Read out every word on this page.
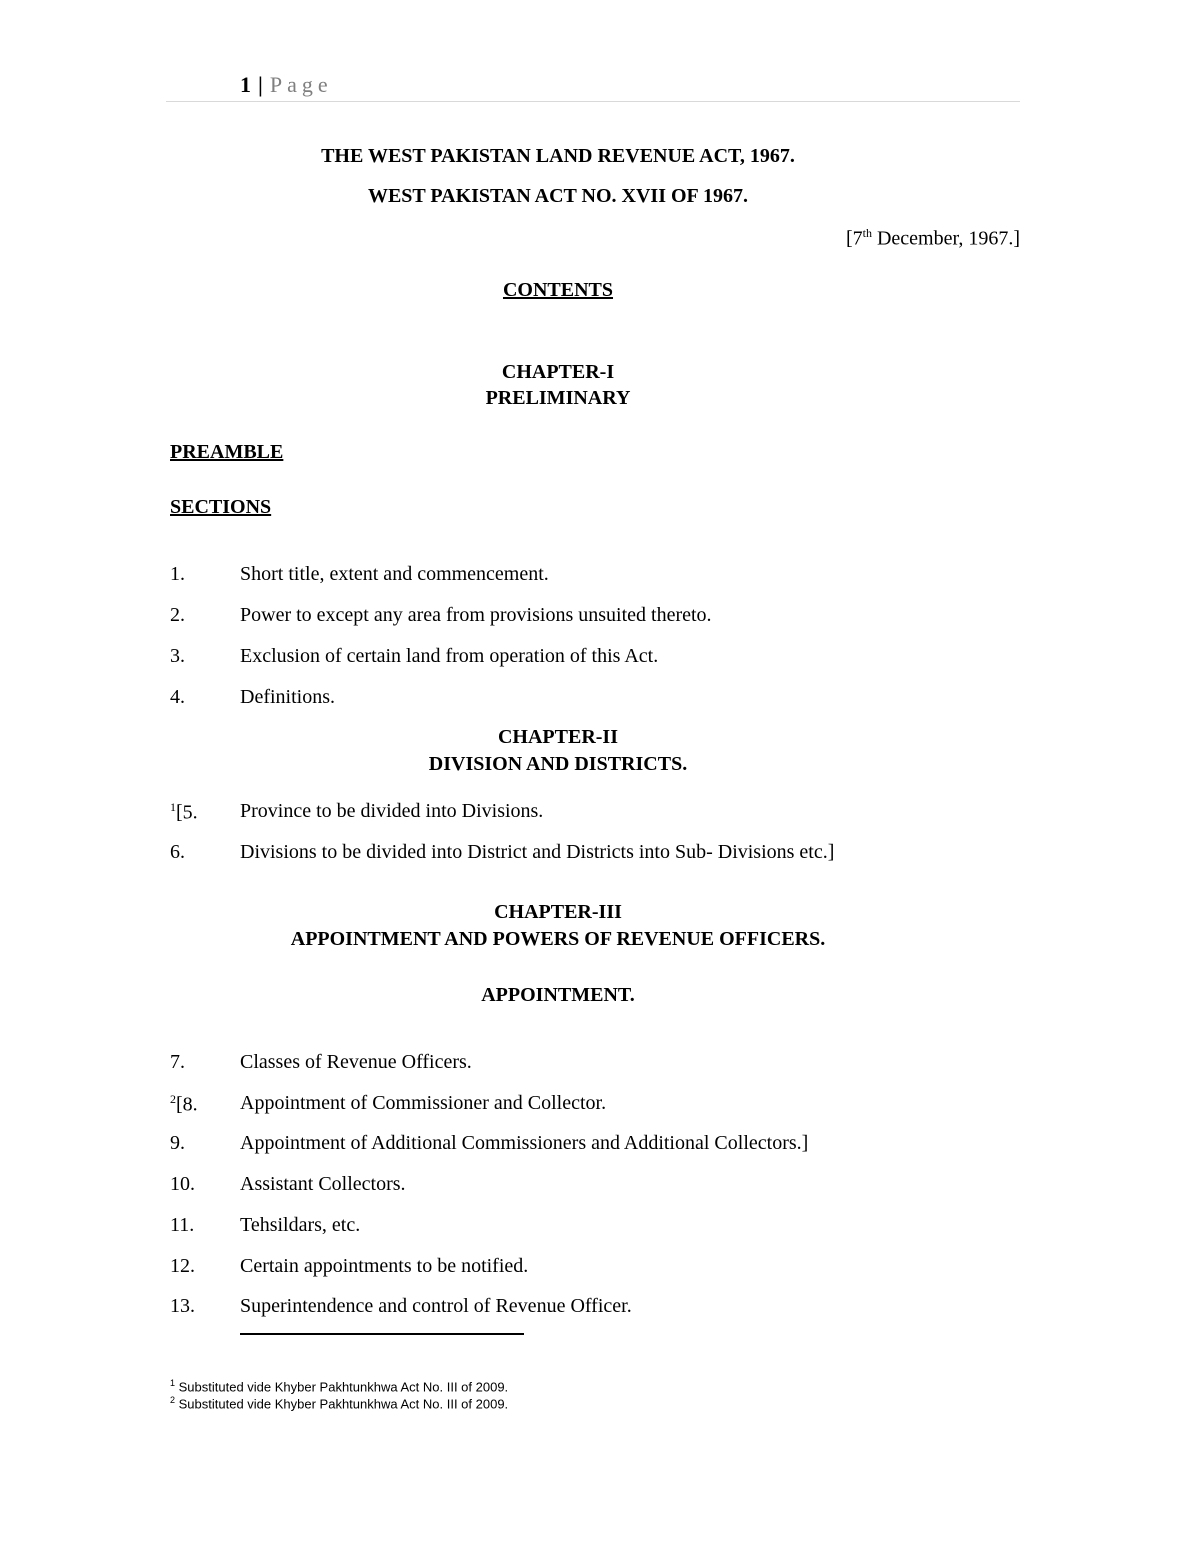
1 | Page
THE WEST PAKISTAN LAND REVENUE ACT, 1967.
WEST PAKISTAN ACT NO. XVII OF 1967.
[7th December, 1967.]
CONTENTS
CHAPTER-I
PRELIMINARY
PREAMBLE
SECTIONS
1.	Short title, extent and commencement.
2.	Power to except any area from provisions unsuited thereto.
3.	Exclusion of certain land from operation of this Act.
4.	Definitions.
CHAPTER-II
DIVISION AND DISTRICTS.
$^1$[5. Province to be divided into Divisions.
6.	Divisions to be divided into District and Districts into Sub- Divisions etc.]
CHAPTER-III
APPOINTMENT AND POWERS OF REVENUE OFFICERS.
APPOINTMENT.
7.	Classes of Revenue Officers.
$^2$[8. Appointment of Commissioner and Collector.
9.	Appointment of Additional Commissioners and Additional Collectors.]
10. Assistant Collectors.
11. Tehsildars, etc.
12. Certain appointments to be notified.
13. Superintendence and control of Revenue Officer.
$^1$ Substituted vide Khyber Pakhtunkhwa Act No. III of 2009.
$^2$ Substituted vide Khyber Pakhtunkhwa Act No. III of 2009.
